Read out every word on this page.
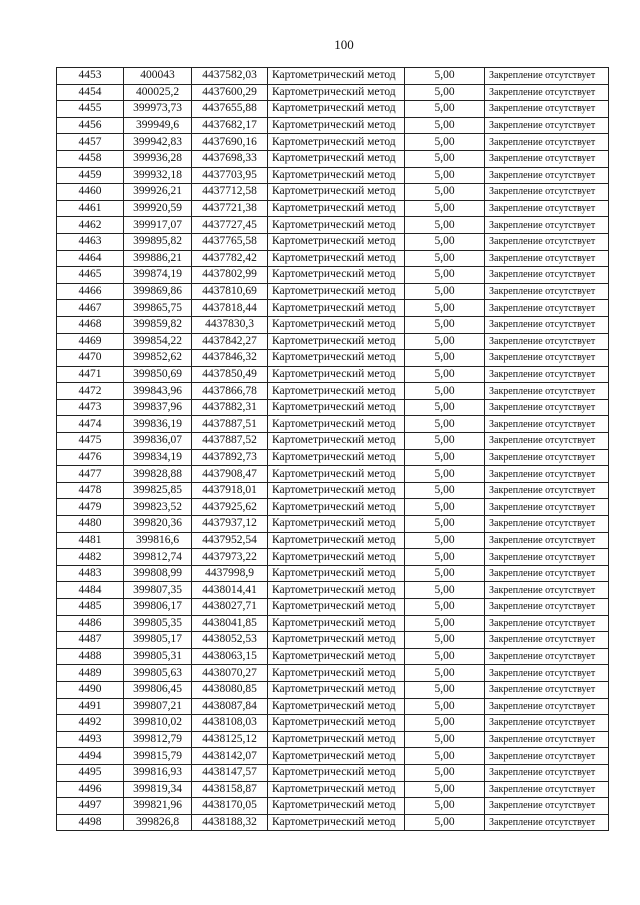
100
4453	400043	4437582,03	Картометрический метод	5,00	Закрепление отсутствует
4454	400025,2	4437600,29	Картометрический метод	5,00	Закрепление отсутствует
4455	399973,73	4437655,88	Картометрический метод	5,00	Закрепление отсутствует
4456	399949,6	4437682,17	Картометрический метод	5,00	Закрепление отсутствует
4457	399942,83	4437690,16	Картометрический метод	5,00	Закрепление отсутствует
4458	399936,28	4437698,33	Картометрический метод	5,00	Закрепление отсутствует
4459	399932,18	4437703,95	Картометрический метод	5,00	Закрепление отсутствует
4460	399926,21	4437712,58	Картометрический метод	5,00	Закрепление отсутствует
4461	399920,59	4437721,38	Картометрический метод	5,00	Закрепление отсутствует
4462	399917,07	4437727,45	Картометрический метод	5,00	Закрепление отсутствует
4463	399895,82	4437765,58	Картометрический метод	5,00	Закрепление отсутствует
4464	399886,21	4437782,42	Картометрический метод	5,00	Закрепление отсутствует
4465	399874,19	4437802,99	Картометрический метод	5,00	Закрепление отсутствует
4466	399869,86	4437810,69	Картометрический метод	5,00	Закрепление отсутствует
4467	399865,75	4437818,44	Картометрический метод	5,00	Закрепление отсутствует
4468	399859,82	4437830,3	Картометрический метод	5,00	Закрепление отсутствует
4469	399854,22	4437842,27	Картометрический метод	5,00	Закрепление отсутствует
4470	399852,62	4437846,32	Картометрический метод	5,00	Закрепление отсутствует
4471	399850,69	4437850,49	Картометрический метод	5,00	Закрепление отсутствует
4472	399843,96	4437866,78	Картометрический метод	5,00	Закрепление отсутствует
4473	399837,96	4437882,31	Картометрический метод	5,00	Закрепление отсутствует
4474	399836,19	4437887,51	Картометрический метод	5,00	Закрепление отсутствует
4475	399836,07	4437887,52	Картометрический метод	5,00	Закрепление отсутствует
4476	399834,19	4437892,73	Картометрический метод	5,00	Закрепление отсутствует
4477	399828,88	4437908,47	Картометрический метод	5,00	Закрепление отсутствует
4478	399825,85	4437918,01	Картометрический метод	5,00	Закрепление отсутствует
4479	399823,52	4437925,62	Картометрический метод	5,00	Закрепление отсутствует
4480	399820,36	4437937,12	Картометрический метод	5,00	Закрепление отсутствует
4481	399816,6	4437952,54	Картометрический метод	5,00	Закрепление отсутствует
4482	399812,74	4437973,22	Картометрический метод	5,00	Закрепление отсутствует
4483	399808,99	4437998,9	Картометрический метод	5,00	Закрепление отсутствует
4484	399807,35	4438014,41	Картометрический метод	5,00	Закрепление отсутствует
4485	399806,17	4438027,71	Картометрический метод	5,00	Закрепление отсутствует
4486	399805,35	4438041,85	Картометрический метод	5,00	Закрепление отсутствует
4487	399805,17	4438052,53	Картометрический метод	5,00	Закрепление отсутствует
4488	399805,31	4438063,15	Картометрический метод	5,00	Закрепление отсутствует
4489	399805,63	4438070,27	Картометрический метод	5,00	Закрепление отсутствует
4490	399806,45	4438080,85	Картометрический метод	5,00	Закрепление отсутствует
4491	399807,21	4438087,84	Картометрический метод	5,00	Закрепление отсутствует
4492	399810,02	4438108,03	Картометрический метод	5,00	Закрепление отсутствует
4493	399812,79	4438125,12	Картометрический метод	5,00	Закрепление отсутствует
4494	399815,79	4438142,07	Картометрический метод	5,00	Закрепление отсутствует
4495	399816,93	4438147,57	Картометрический метод	5,00	Закрепление отсутствует
4496	399819,34	4438158,87	Картометрический метод	5,00	Закрепление отсутствует
4497	399821,96	4438170,05	Картометрический метод	5,00	Закрепление отсутствует
4498	399826,8	4438188,32	Картометрический метод	5,00	Закрепление отсутствует
